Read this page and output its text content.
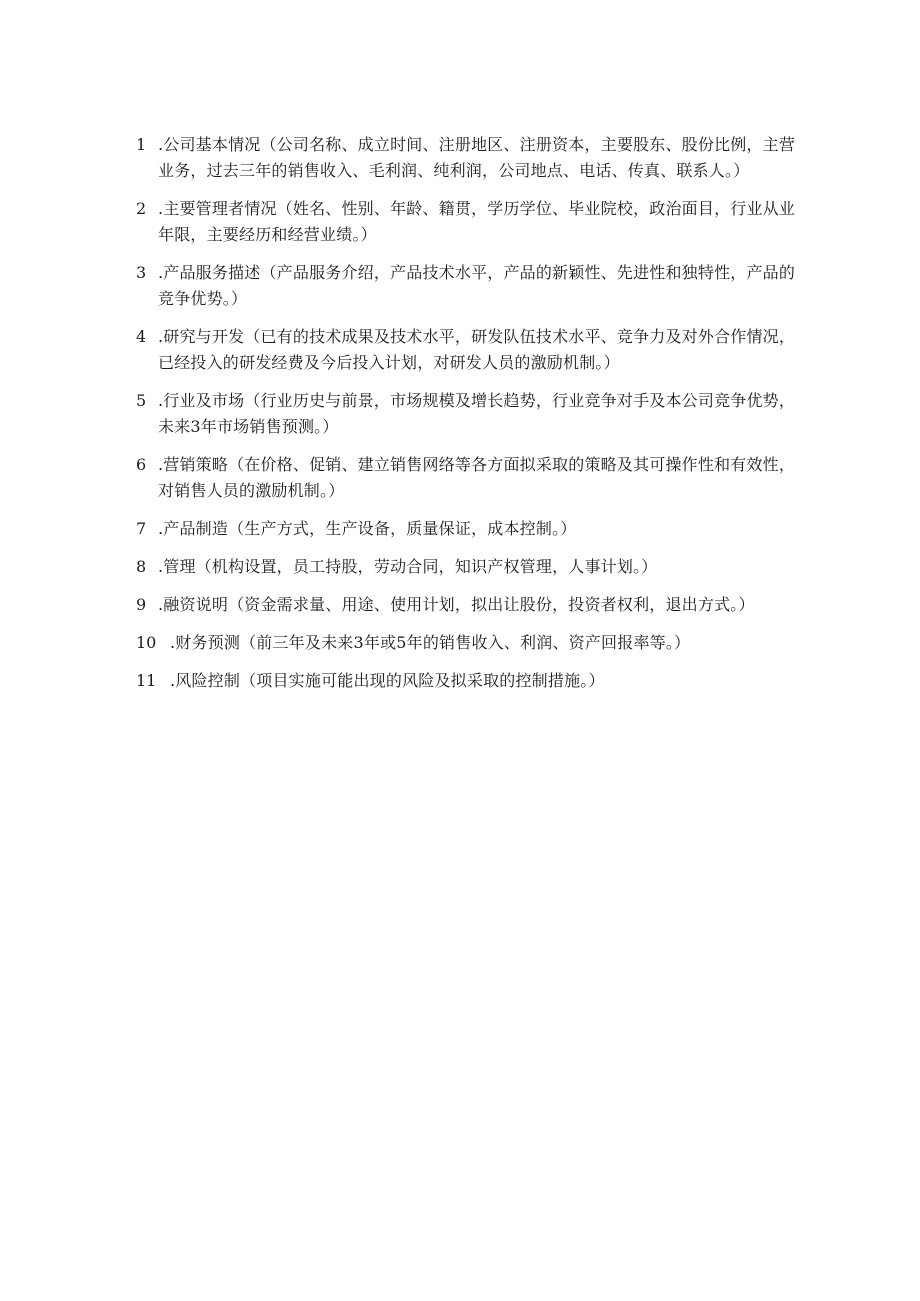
1 .公司基本情况（公司名称、成立时间、注册地区、注册资本，主要股东、股份比例，主营业务，过去三年的销售收入、毛利润、纯利润，公司地点、电话、传真、联系人。）
2 .主要管理者情况（姓名、性别、年龄、籍贯，学历学位、毕业院校，政治面目，行业从业年限，主要经历和经营业绩。）
3 .产品服务描述（产品服务介绍，产品技术水平，产品的新颖性、先进性和独特性，产品的竞争优势。）
4 .研究与开发（已有的技术成果及技术水平，研发队伍技术水平、竞争力及对外合作情况，已经投入的研发经费及今后投入计划，对研发人员的激励机制。）
5 .行业及市场（行业历史与前景，市场规模及增长趋势，行业竞争对手及本公司竞争优势，未来3年市场销售预测。）
6 .营销策略（在价格、促销、建立销售网络等各方面拟采取的策略及其可操作性和有效性，对销售人员的激励机制。）
7 .产品制造（生产方式，生产设备，质量保证，成本控制。）
8 .管理（机构设置，员工持股，劳动合同，知识产权管理，人事计划。）
9 .融资说明（资金需求量、用途、使用计划，拟出让股份，投资者权利，退出方式。）
10 .财务预测（前三年及未来3年或5年的销售收入、利润、资产回报率等。）
11 .风险控制（项目实施可能出现的风险及拟采取的控制措施。）
